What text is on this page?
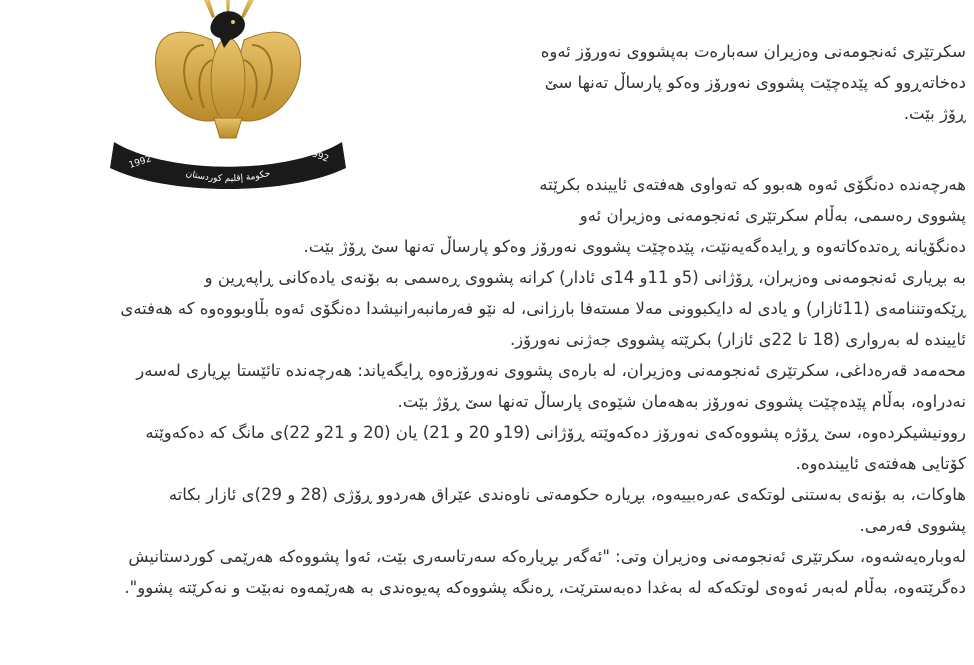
حکومەتی هەرێمی کوردستان
حكومة إقليم كوردستان
1992	1992

سکرتێری ئەنجومەنی وەزیران سەبارەت بەپشووی نەورۆز ئەوە

دەخاتەڕوو کە پێدەچێت پشووی نەورۆز وەکو پارساڵ تەنها سێ

ڕۆژ بێت.

هەرچەندە دەنگۆی ئەوە هەبوو کە تەواوی هەفتەی ئاییندە بکرێتە

پشووی رەسمی، بەڵام سکرتێری ئەنجومەنی وەزیران ئەو

دەنگۆیانە ڕەتدەکاتەوە و ڕایدەگەیەنێت، پێدەچێت پشووی نەورۆز وەکو پارساڵ تەنها سێ ڕۆژ بێت.

بە بڕیاری ئەنجومەنی وەزیران، ڕۆژانی (5و 11و 14ی ئادار) کرانە پشووی ڕەسمی بە بۆنەی یادەکانی ڕاپەڕین و

ڕێکەوتننامەی (11ئازار) و یادی لە دایکبوونی مەلا مستەفا بارزانی، لە نێو فەرمانبەرانیشدا دەنگۆی ئەوە بڵاوبووەوە کە هەفتەی

ئاییندە لە بەرواری (18 تا 22ی ئازار) بکرێتە پشووی جەژنی نەورۆز.

محەمەد قەرەداغی، سکرتێری ئەنجومەنی وەزیران، لە بارەی پشووی نەورۆزەوە ڕایگەیاند: هەرچەندە تائێستا بڕیاری لەسەر

نەدراوە، بەڵام پێدەچێت پشووی نەورۆز بەهەمان شێوەی پارساڵ تەنها سێ ڕۆژ بێت.

روونیشیکردەوە، سێ ڕۆژە پشووەکەی نەورۆز دەکەوێتە ڕۆژانی (19و 20 و 21) یان (20 و 21و 22)ی مانگ کە دەکەوێتە

کۆتایی هەفتەی ئاییندەوە.

هاوکات، بە بۆنەی بەستنی لوتکەی عەرەبییەوە، بڕیارە حکومەتی ناوەندی عێراق هەردوو ڕۆژی (28 و 29)ی ئازار بکاتە

پشووی فەرمی.

لەوبارەیەشەوە، سکرتێری ئەنجومەنی وەزیران وتی: "ئەگەر بڕیارەکە سەرتاسەری بێت، ئەوا پشووەکە هەرێمی کوردستانیش

دەگرێتەوە، بەڵام لەبەر ئەوەی لوتکەکە لە بەغدا دەبەسترێت، ڕەنگە پشووەکە پەیوەندی بە هەرێمەوە نەبێت و نەکرێتە پشوو".
